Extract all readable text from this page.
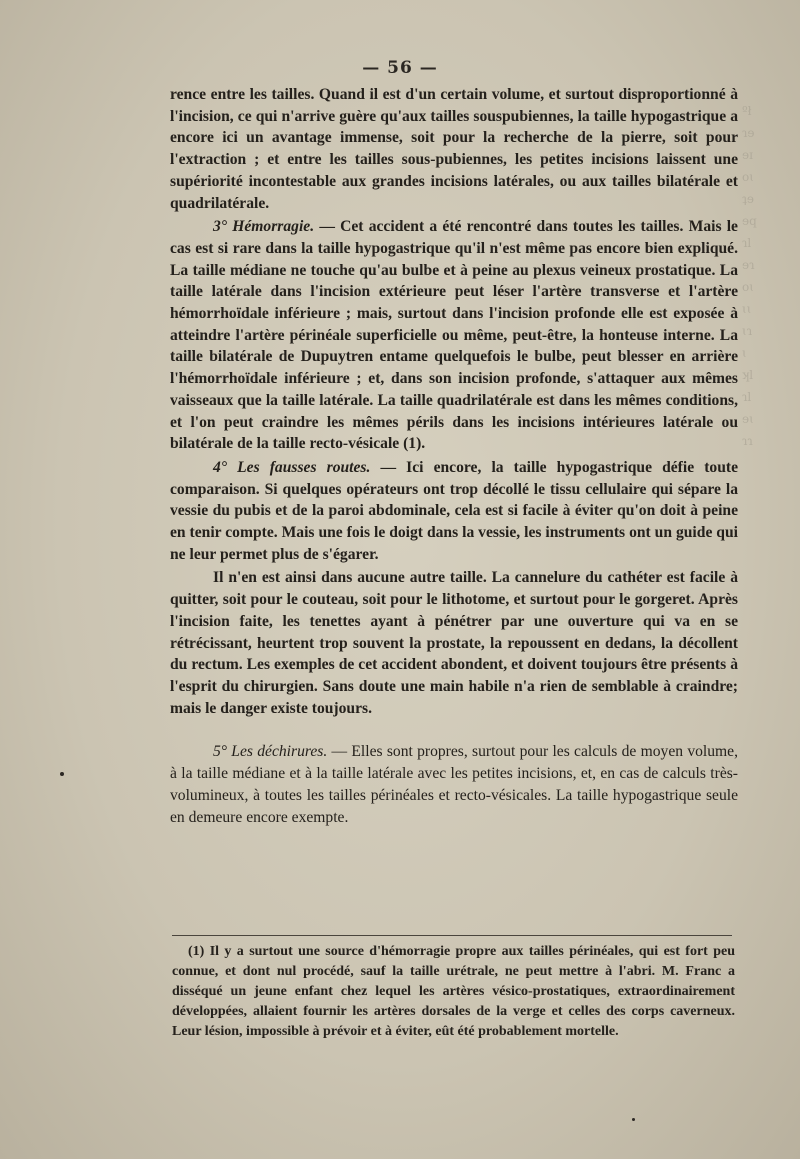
ºł
ɿɘ
ɘɪ
oɩ
ʇɘ
ɘq
ɿl
ɘɿ
oɩ
ɩɩ
ɩɿ
ɩ
ʞl
ɿl
ɘɩ
ɿɿ

— 56 —

rence entre les tailles. Quand il est d'un certain volume, et surtout disproportionné à l'incision, ce qui n'arrive guère qu'aux tailles souspubiennes, la taille hypogastrique a encore ici un avantage immense, soit pour la recherche de la pierre, soit pour l'extraction ; et entre les tailles sous-pubiennes, les petites incisions laissent une supériorité incontestable aux grandes incisions latérales, ou aux tailles bilatérale et quadrilatérale.

3° Hémorragie. — Cet accident a été rencontré dans toutes les tailles. Mais le cas est si rare dans la taille hypogastrique qu'il n'est même pas encore bien expliqué. La taille médiane ne touche qu'au bulbe et à peine au plexus veineux prostatique. La taille latérale dans l'incision extérieure peut léser l'artère transverse et l'artère hémorrhoïdale inférieure ; mais, surtout dans l'incision profonde elle est exposée à atteindre l'artère périnéale superficielle ou même, peut-être, la honteuse interne. La taille bilatérale de Dupuytren entame quelquefois le bulbe, peut blesser en arrière l'hémorrhoïdale inférieure ; et, dans son incision profonde, s'attaquer aux mêmes vaisseaux que la taille latérale. La taille quadrilatérale est dans les mêmes conditions, et l'on peut craindre les mêmes périls dans les incisions intérieures latérale ou bilatérale de la taille recto-vésicale (1).

4° Les fausses routes. — Ici encore, la taille hypogastrique défie toute comparaison. Si quelques opérateurs ont trop décollé le tissu cellulaire qui sépare la vessie du pubis et de la paroi abdominale, cela est si facile à éviter qu'on doit à peine en tenir compte. Mais une fois le doigt dans la vessie, les instruments ont un guide qui ne leur permet plus de s'égarer.

Il n'en est ainsi dans aucune autre taille. La cannelure du cathéter est facile à quitter, soit pour le couteau, soit pour le lithotome, et surtout pour le gorgeret. Après l'incision faite, les tenettes ayant à pénétrer par une ouverture qui va en se rétrécissant, heurtent trop souvent la prostate, la repoussent en dedans, la décollent du rectum. Les exemples de cet accident abondent, et doivent toujours être présents à l'esprit du chirurgien. Sans doute une main habile n'a rien de semblable à craindre; mais le danger existe toujours.

5° Les déchirures. — Elles sont propres, surtout pour les calculs de moyen volume, à la taille médiane et à la taille latérale avec les petites incisions, et, en cas de calculs très-volumineux, à toutes les tailles périnéales et recto-vésicales. La taille hypogastrique seule en demeure encore exempte.

(1) Il y a surtout une source d'hémorragie propre aux tailles périnéales, qui est fort peu connue, et dont nul procédé, sauf la taille urétrale, ne peut mettre à l'abri. M. Franc a disséqué un jeune enfant chez lequel les artères vésico-prostatiques, extraordinairement développées, allaient fournir les artères dorsales de la verge et celles des corps caverneux. Leur lésion, impossible à prévoir et à éviter, eût été probablement mortelle.
